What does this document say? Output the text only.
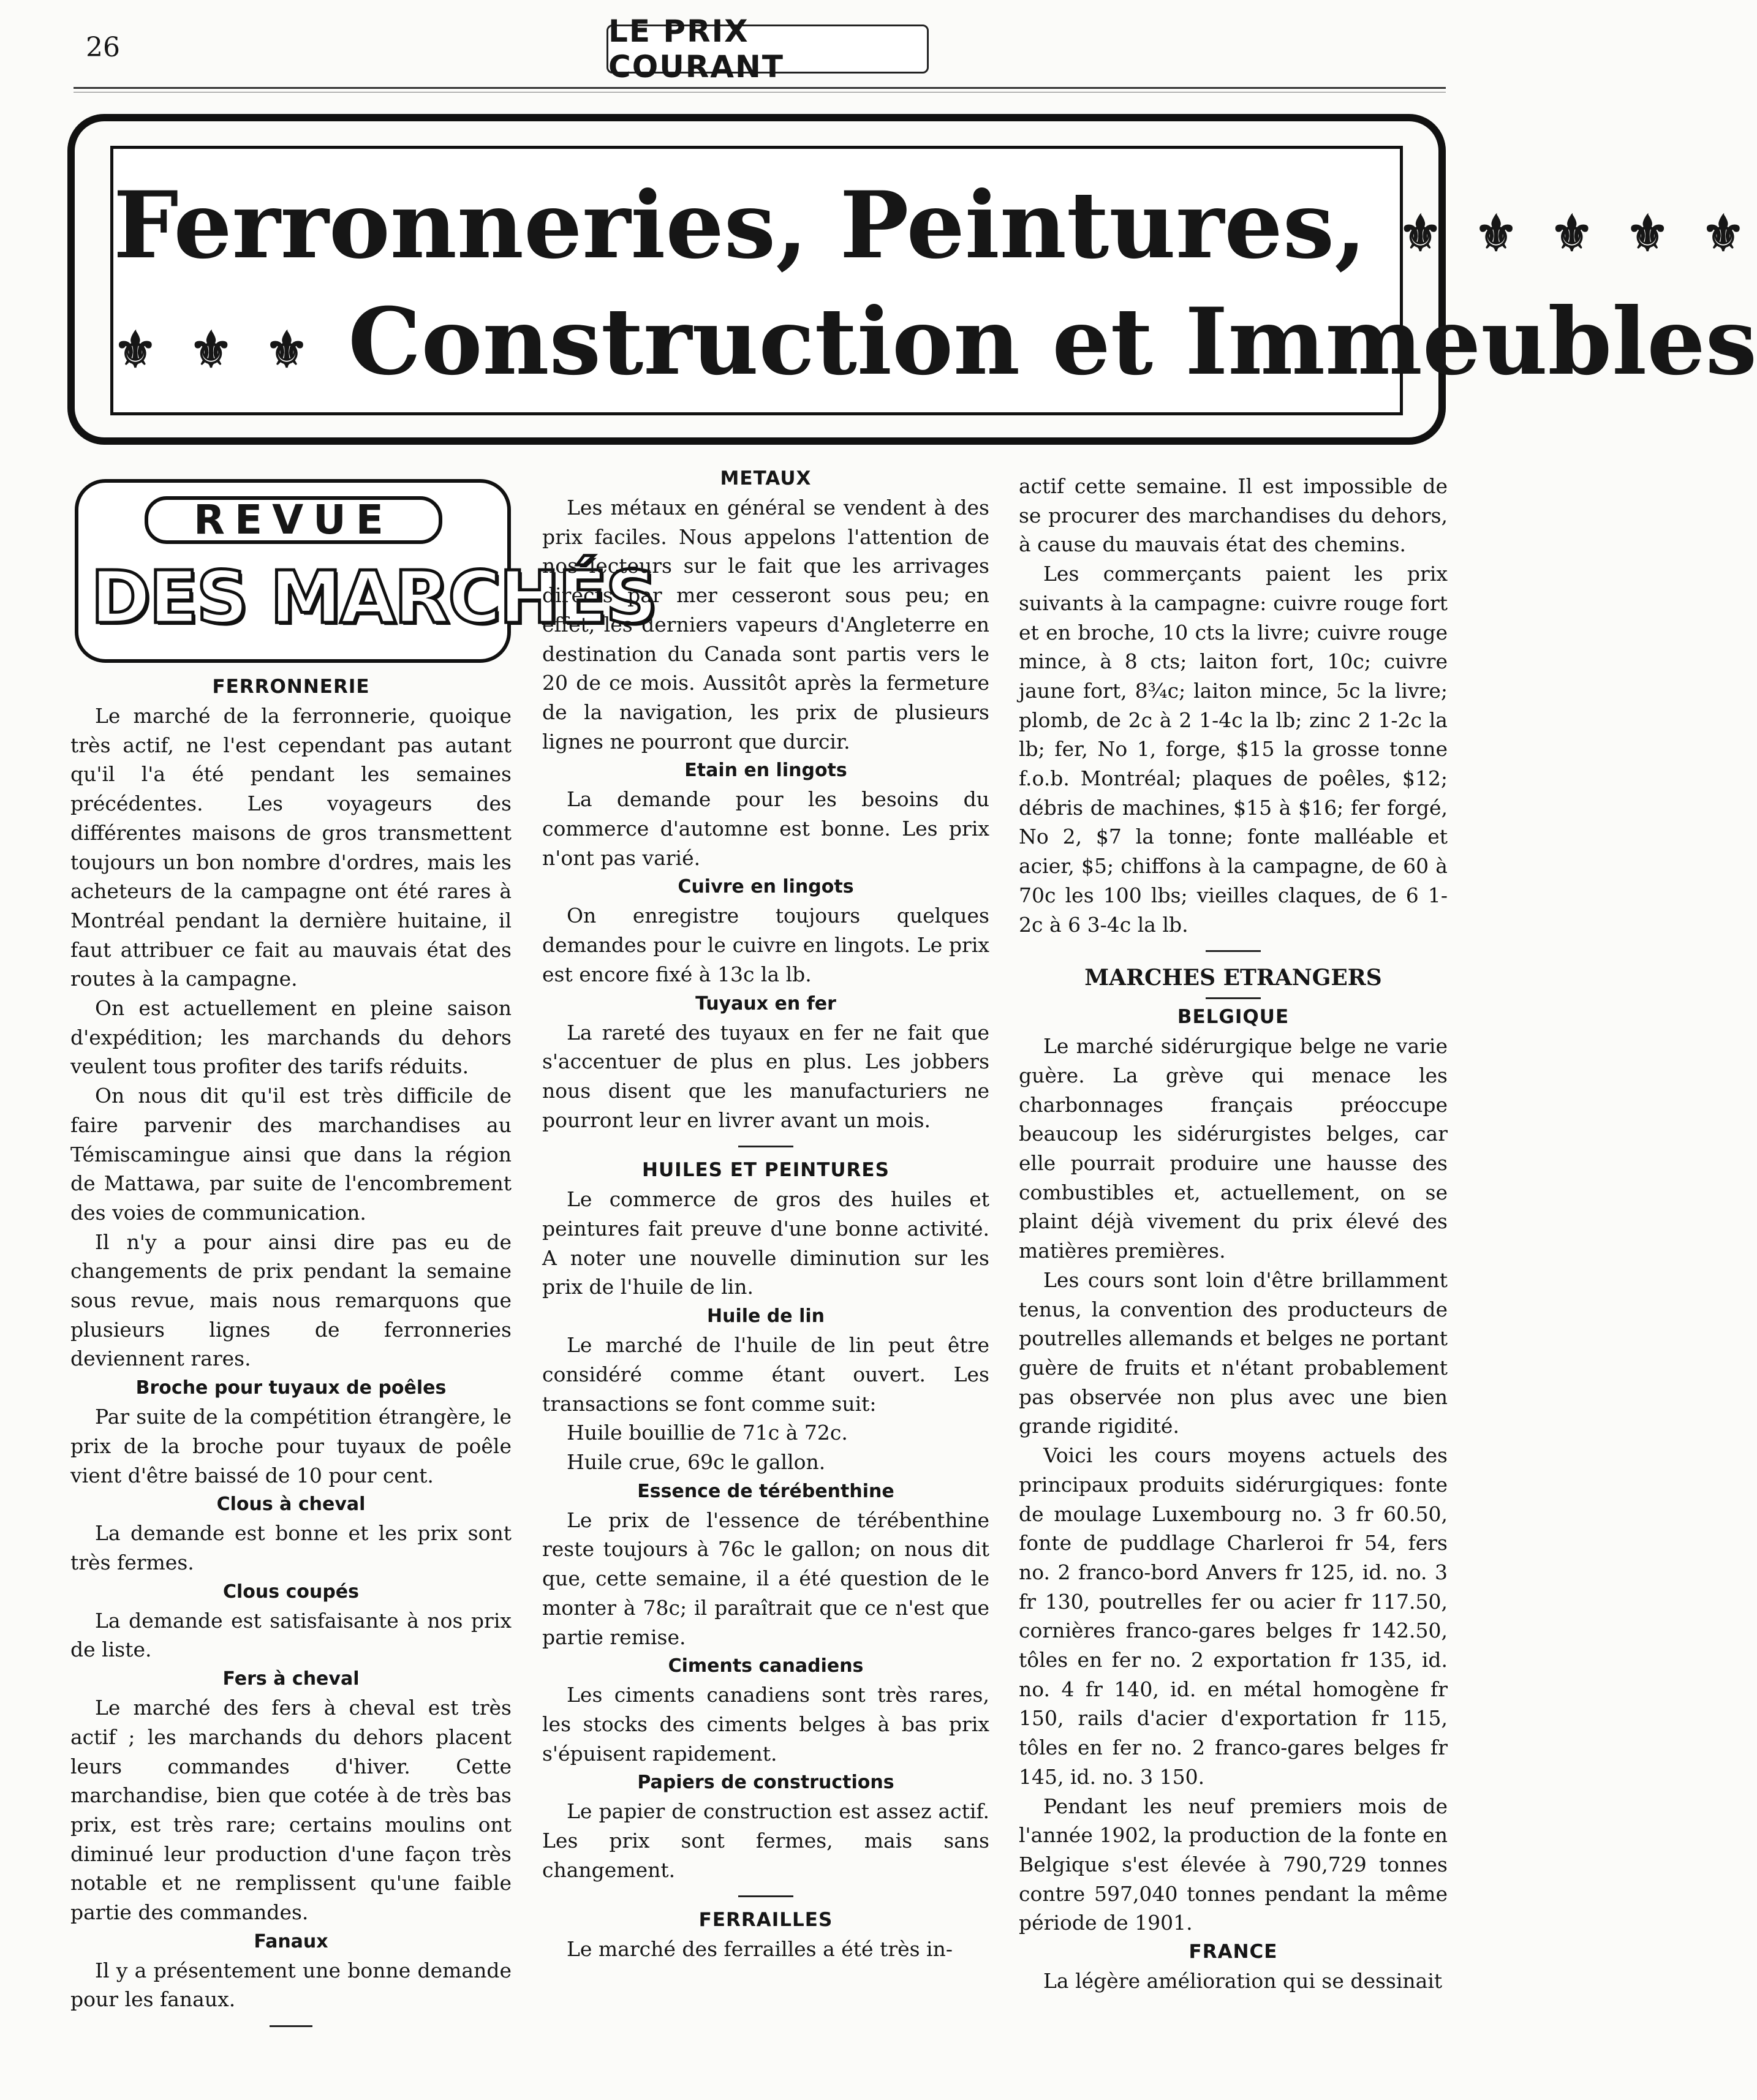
26	LE PRIX COURANT
Ferronneries, Peintures, ⚜ ⚜ ⚜ ⚜ ⚜
⚜ ⚜ ⚜ Construction et Immeubles
REVUE
DES MARCHÉS
FERRONNERIE

Le marché de la ferronnerie, quoique très actif, ne l'est cependant pas autant qu'il l'a été pendant les semaines précédentes. Les voyageurs des différentes maisons de gros transmettent toujours un bon nombre d'ordres, mais les acheteurs de la campagne ont été rares à Montréal pendant la dernière huitaine, il faut attribuer ce fait au mauvais état des routes à la campagne.

On est actuellement en pleine saison d'expédition; les marchands du dehors veulent tous profiter des tarifs réduits.

On nous dit qu'il est très difficile de faire parvenir des marchandises au Témiscamingue ainsi que dans la région de Mattawa, par suite de l'encombrement des voies de communication.

Il n'y a pour ainsi dire pas eu de changements de prix pendant la semaine sous revue, mais nous remarquons que plusieurs lignes de ferronneries deviennent rares.

Broche pour tuyaux de poêles

Par suite de la compétition étrangère, le prix de la broche pour tuyaux de poêle vient d'être baissé de 10 pour cent.

Clous à cheval

La demande est bonne et les prix sont très fermes.

Clous coupés

La demande est satisfaisante à nos prix de liste.

Fers à cheval

Le marché des fers à cheval est très actif ; les marchands du dehors placent leurs commandes d'hiver. Cette marchandise, bien que cotée à de très bas prix, est très rare; certains moulins ont diminué leur production d'une façon très notable et ne remplissent qu'une faible partie des commandes.

Fanaux

Il y a présentement une bonne demande pour les fanaux.

METAUX

Les métaux en général se vendent à des prix faciles. Nous appelons l'attention de nos lecteurs sur le fait que les arrivages directs par mer cesseront sous peu; en effet, les derniers vapeurs d'Angleterre en destination du Canada sont partis vers le 20 de ce mois. Aussitôt après la fermeture de la navigation, les prix de plusieurs lignes ne pourront que durcir.

Etain en lingots

La demande pour les besoins du commerce d'automne est bonne. Les prix n'ont pas varié.

Cuivre en lingots

On enregistre toujours quelques demandes pour le cuivre en lingots. Le prix est encore fixé à 13c la lb.

Tuyaux en fer

La rareté des tuyaux en fer ne fait que s'accentuer de plus en plus. Les jobbers nous disent que les manufacturiers ne pourront leur en livrer avant un mois.

HUILES ET PEINTURES

Le commerce de gros des huiles et peintures fait preuve d'une bonne activité. A noter une nouvelle diminution sur les prix de l'huile de lin.

Huile de lin

Le marché de l'huile de lin peut être considéré comme étant ouvert. Les transactions se font comme suit:

Huile bouillie de 71c à 72c.

Huile crue, 69c le gallon.

Essence de térébenthine

Le prix de l'essence de térébenthine reste toujours à 76c le gallon; on nous dit que, cette semaine, il a été question de le monter à 78c; il paraîtrait que ce n'est que partie remise.

Ciments canadiens

Les ciments canadiens sont très rares, les stocks des ciments belges à bas prix s'épuisent rapidement.

Papiers de constructions

Le papier de construction est assez actif. Les prix sont fermes, mais sans changement.

FERRAILLES

Le marché des ferrailles a été très in-

actif cette semaine. Il est impossible de se procurer des marchandises du dehors, à cause du mauvais état des chemins.

Les commerçants paient les prix suivants à la campagne: cuivre rouge fort et en broche, 10 cts la livre; cuivre rouge mince, à 8 cts; laiton fort, 10c; cuivre jaune fort, 8¾c; laiton mince, 5c la livre; plomb, de 2c à 2 1-4c la lb; zinc 2 1-2c la lb; fer, No 1, forge, $15 la grosse tonne f.o.b. Montréal; plaques de poêles, $12; débris de machines, $15 à $16; fer forgé, No 2, $7 la tonne; fonte malléable et acier, $5; chiffons à la campagne, de 60 à 70c les 100 lbs; vieilles claques, de 6 1-2c à 6 3-4c la lb.

MARCHES ETRANGERS
BELGIQUE

Le marché sidérurgique belge ne varie guère. La grève qui menace les charbonnages français préoccupe beaucoup les sidérurgistes belges, car elle pourrait produire une hausse des combustibles et, actuellement, on se plaint déjà vivement du prix élevé des matières premières.

Les cours sont loin d'être brillamment tenus, la convention des producteurs de poutrelles allemands et belges ne portant guère de fruits et n'étant probablement pas observée non plus avec une bien grande rigidité.

Voici les cours moyens actuels des principaux produits sidérurgiques: fonte de moulage Luxembourg no. 3 fr 60.50, fonte de puddlage Charleroi fr 54, fers no. 2 franco-bord Anvers fr 125, id. no. 3 fr 130, poutrelles fer ou acier fr 117.50, cornières franco-gares belges fr 142.50, tôles en fer no. 2 exportation fr 135, id. no. 4 fr 140, id. en métal homogène fr 150, rails d'acier d'exportation fr 115, tôles en fer no. 2 franco-gares belges fr 145, id. no. 3 150.

Pendant les neuf premiers mois de l'année 1902, la production de la fonte en Belgique s'est élevée à 790,729 tonnes contre 597,040 tonnes pendant la même période de 1901.

FRANCE

La légère amélioration qui se dessinait
